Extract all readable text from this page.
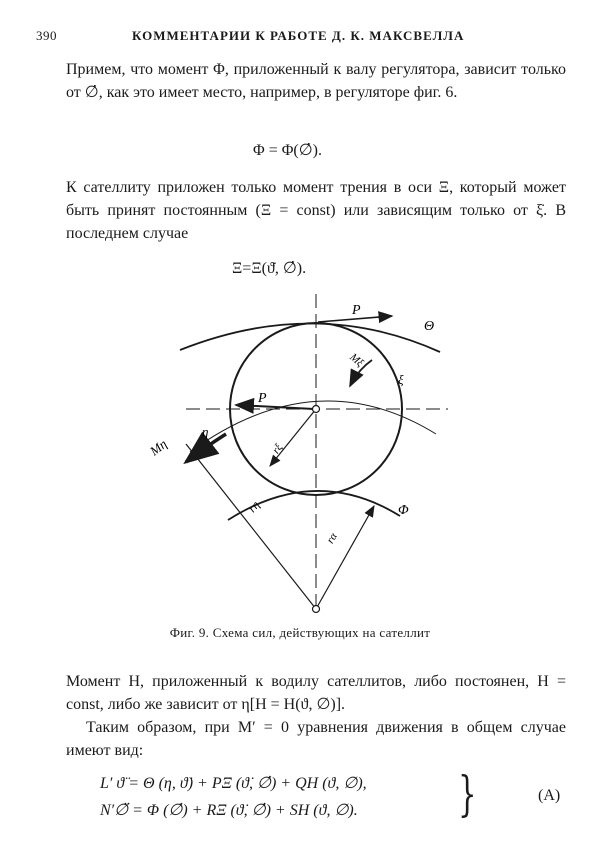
390	КОММЕНТАРИИ К РАБОТЕ Д. К. МАКСВЕЛЛА

Примем, что момент Φ, приложенный к валу регулятора, зависит только от ∅̇, как это имеет место, например, в регуляторе фиг. 6.

Φ = Φ(∅̇).

К сателлиту приложен только момент трения в оси Ξ, который может быть принят постоянным (Ξ = const) или зависящим только от ξ̇. В последнем случае

Ξ=Ξ(ϑ̇, ∅̇).
P
Θ
Mξ
ξ
P
η
Mη	rξ
rη	Φ
rα
Фиг. 9. Схема сил, действующих на сателлит

Момент H, приложенный к водилу сателлитов, либо постоянен, H = const, либо же зависит от η[H = H(ϑ, ∅)].

Таким образом, при M′ = 0 уравнения движения в общем случае имеют вид:

L′ ϑ̈ = Θ (η, ϑ̇) + PΞ (ϑ̇, ∅̇) + QH (ϑ, ∅),
N′∅̈ = Φ (∅̇) + RΞ (ϑ̇, ∅̇) + SH (ϑ, ∅).	}	(A)
